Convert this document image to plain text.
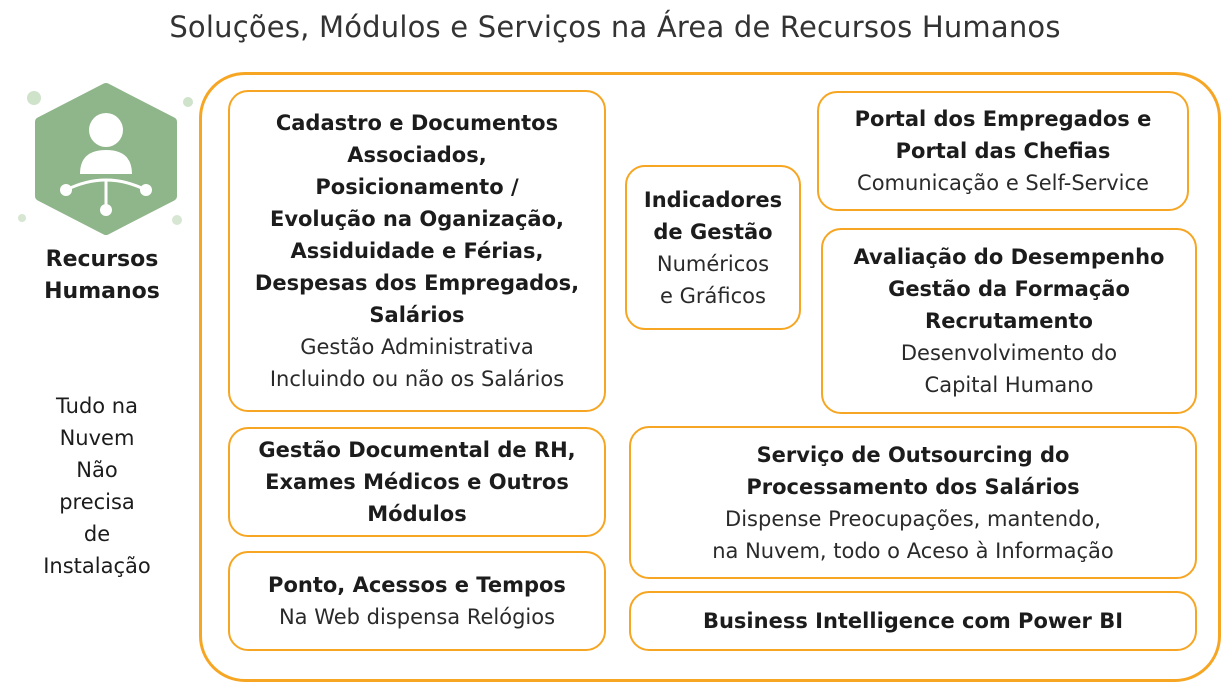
Soluções, Módulos e Serviços na Área de Recursos Humanos
Recursos
Humanos
Tudo na
Nuvem
Não
precisa
de
Instalação
Cadastro e Documentos
Associados,
Posicionamento /
Evolução na Oganização,
Assiduidade e Férias,
Despesas dos Empregados,
Salários
Gestão Administrativa
Incluindo ou não os Salários
Indicadores
de Gestão
Numéricos
e Gráficos
Portal dos Empregados e
Portal das Chefias
Comunicação e Self-Service
Avaliação do Desempenho
Gestão da Formação
Recrutamento
Desenvolvimento do
Capital Humano
Gestão Documental de RH,
Exames Médicos e Outros
Módulos
Serviço de Outsourcing do
Processamento dos Salários
Dispense Preocupações, mantendo,
na Nuvem, todo o Aceso à Informação
Ponto, Acessos e Tempos
Na Web dispensa Relógios	Business Intelligence com Power BI
